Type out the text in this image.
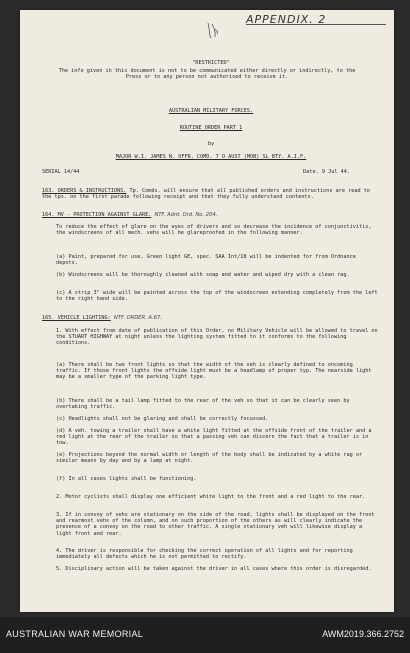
APPENDIX. 2
"RESTRICTED"
The info given in this document is not to be communicated either directly or indirectly, to the Press or to any person not authorised to receive it.
AUSTRALIAN MILITARY FORCES.
ROUTINE ORDER PART 1
by
MAJOR W.I. JAMES N. OFFR. COMD. 7 O AUST (MOB) SL BTY. A.I.F.
SERIAL 14/44	Date. 9 Jul 44.
163. ORDERS & INSTRUCTIONS. Tp. Comds. will ensure that all published orders and instructions are read to the tps. on the first parade following receipt and that they fully understand contents.
164. MV - PROTECTION AGAINST GLARE. NTF. Adnt. Ord. No. 204.
To reduce the effect of glare on the eyes of drivers and so decrease the incidence of conjunctivitis, the windscreens of all mech. vehs will be glareproofed in the following manner.
(a) Paint, prepared for use, Green light GE, spec. SAA Int/18 will be indented for from Ordnance depots.
(b) Windscreens will be thoroughly cleaned with soap and water and wiped dry with a clean rag.
(c) A strip 3" wide will be painted across the top of the windscreen extending completely from the left to the right hand side.
165. VEHICLE LIGHTING: NTF. ORDER. A.67.
1. With effect from date of publication of this Order, no Military Vehicle will be allowed to travel on the STUART HIGHWAY at night unless the lighting system fitted to it conforms to the following conditions.
(a) There shall be two front lights so that the width of the veh is clearly defined to oncoming traffic. If those front lights the offside light must be a headlamp of proper typ. The nearside light may be a smaller type of the parking light type.
(b) There shall be a tail lamp fitted to the rear of the veh so that it can be clearly seen by overtaking traffic.
(c) Headlights shall not be glaring and shall be correctly focussed.
(d) A veh. towing a trailer shall have a white light fitted at the offside front of the trailer and a red light at the rear of the trailer so that a passing veh can discern the fact that a trailer is in tow.
(e) Projections beyond the normal width or length of the body shall be indicated by a white rag or similar means by day and by a lamp at night.
(f) In all cases lights shall be functioning.
2. Motor cyclists shall display one efficient white light to the front and a red light to the rear.
3. If in convoy of vehs are stationary on the side of the road, lights shall be displayed on the front and rearmost vehs of the column, and on such proportion of the others as will clearly indicate the presence of a convoy on the road to other traffic. A single stationary veh will likewise display a light front and rear.
4. The driver is responsible for checking the correct operation of all lights and for reporting immediately all defects which he is not permitted to rectify.
5. Disciplinary action will be taken against the driver in all cases where this order is disregarded.
AUSTRALIAN WAR MEMORIAL	AWM2019.366.2752
